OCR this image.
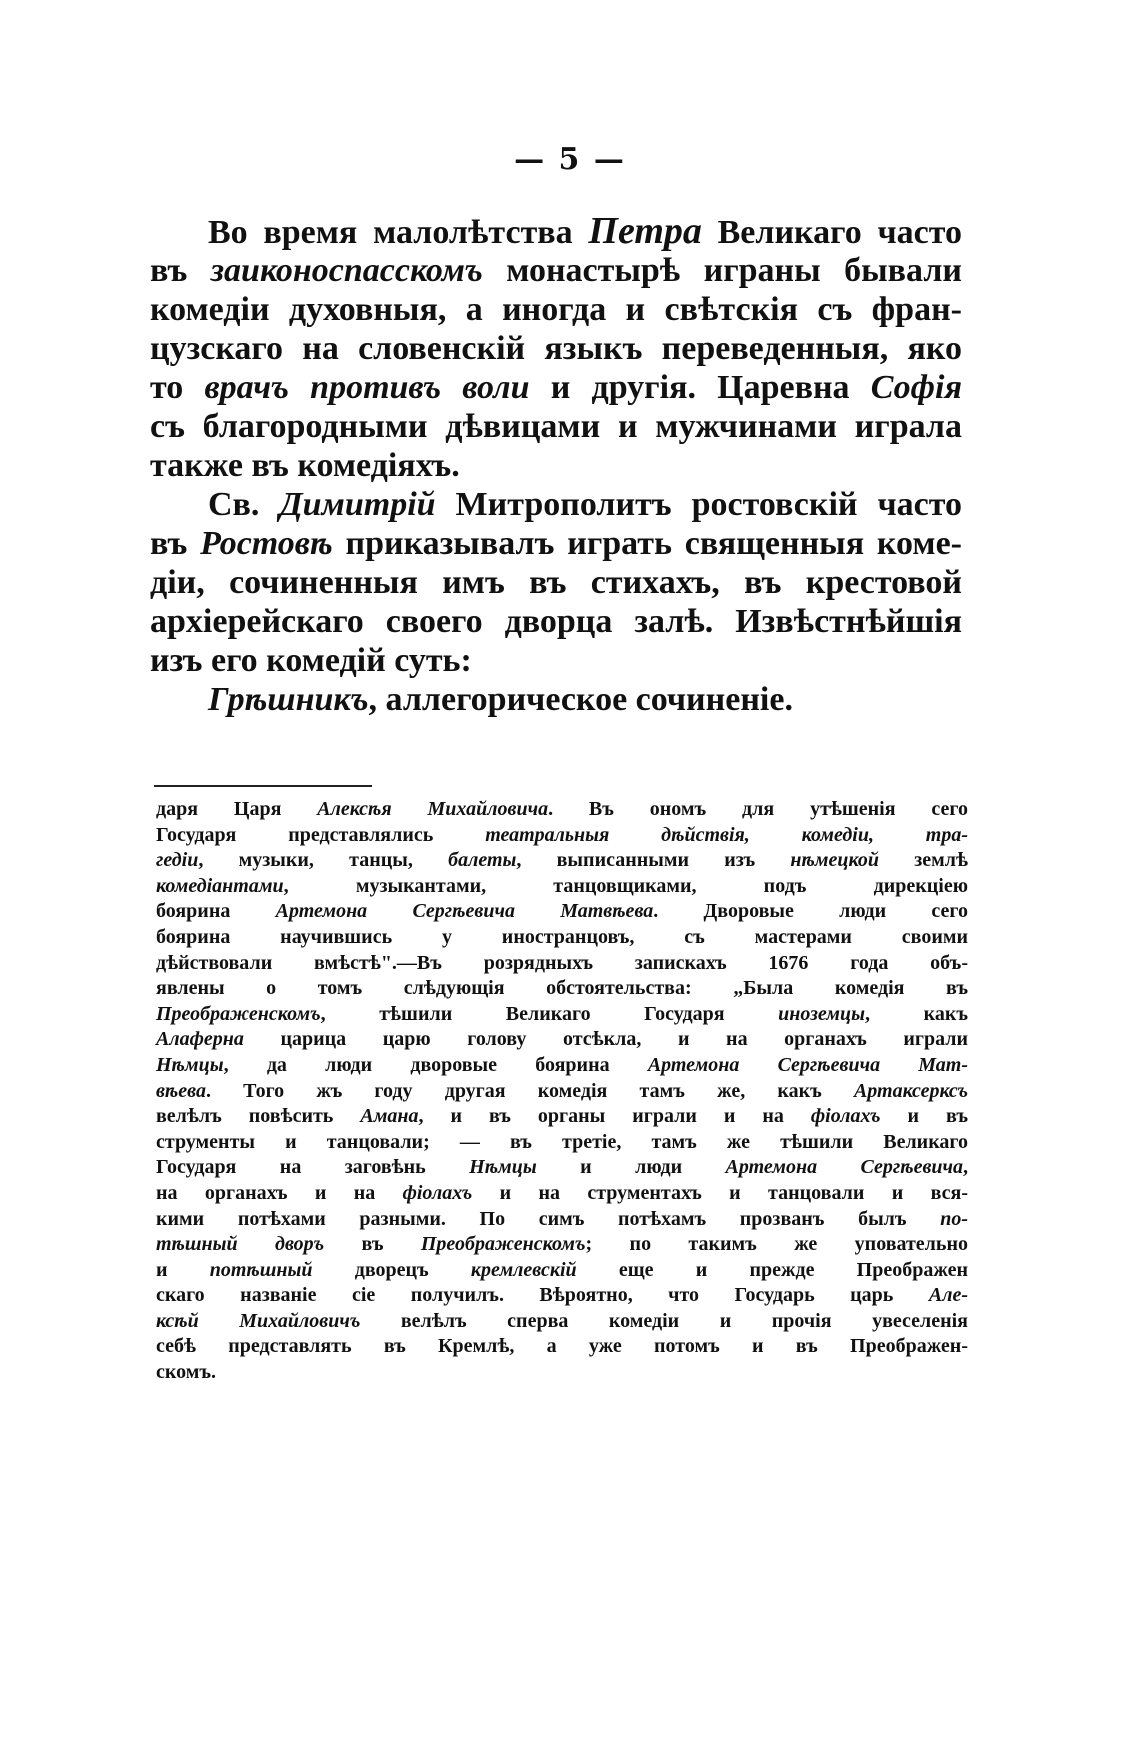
— 5 —
Во время малолѣтства Петра Великаго часто
въ заиконоспасскомъ монастырѣ играны бывали
комедіи духовныя, а иногда и свѣтскія съ фран-
цузскаго на словенскій языкъ переведенныя, яко
то врачъ противъ воли и другія. Царевна Софія
съ благородными дѣвицами и мужчинами играла
также въ комедіяхъ.
Св. Димитрій Митрополитъ ростовскій часто
въ Ростовѣ приказывалъ играть священныя коме-
діи, сочиненныя имъ въ стихахъ, въ крестовой
архіерейскаго своего дворца залѣ. Извѣстнѣйшія
изъ его комедій суть:
Грѣшникъ, аллегорическое сочиненіе.
даря Царя Алексѣя Михайловича. Въ ономъ для утѣшенія сего
Государя представлялись театральныя дѣйствія, комедіи, тра-
гедіи, музыки, танцы, балеты, выписанными изъ нѣмецкой землѣ
комедіантами, музыкантами, танцовщиками, подъ дирекціею
боярина Артемона Сергѣевича Матвѣева. Дворовые люди сего
боярина научившись у иностранцовъ, съ мастерами своими
дѣйствовали вмѣстѣ".—Въ розрядныхъ запискахъ 1676 года объ-
явлены о томъ слѣдующія обстоятельства: „Была комедія въ
Преображенскомъ, тѣшили Великаго Государя иноземцы, какъ
Алаферна царица царю голову отсѣкла, и на органахъ играли
Нѣмцы, да люди дворовые боярина Артемона Сергѣевича Мат-
вѣева. Того жъ году другая комедія тамъ же, какъ Артаксерксъ
велѣлъ повѣсить Амана, и въ органы играли и на фіолахъ и въ
струменты и танцовали; — въ третіе, тамъ же тѣшили Великаго
Государя на заговѣнь Нѣмцы и люди Артемона Сергѣевича,
на органахъ и на фіолахъ и на струментахъ и танцовали и вся-
кими потѣхами разными. По симъ потѣхамъ прозванъ былъ по-
тѣшный дворъ въ Преображенскомъ; по такимъ же уповательно
и потѣшный дворецъ кремлевскій еще и прежде Преображен
скаго названіе сіе получилъ. Вѣроятно, что Государь царь Але-
ксѣй Михайловичъ велѣлъ сперва комедіи и прочія увеселенія
себѣ представлять въ Кремлѣ, а уже потомъ и въ Преображен-
скомъ.
